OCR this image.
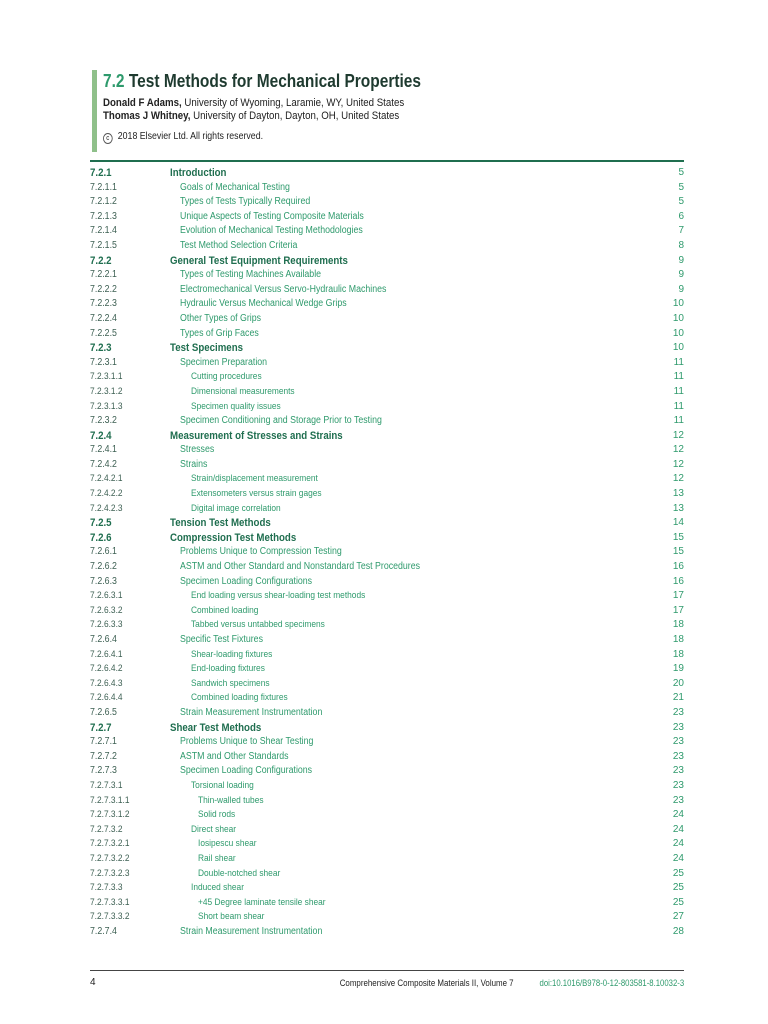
7.2 Test Methods for Mechanical Properties
Donald F Adams, University of Wyoming, Laramie, WY, United States
Thomas J Whitney, University of Dayton, Dayton, OH, United States
c 2018 Elsevier Ltd. All rights reserved.
7.2.1	Introduction	5
7.2.1.1	Goals of Mechanical Testing	5
7.2.1.2	Types of Tests Typically Required	5
7.2.1.3	Unique Aspects of Testing Composite Materials	6
7.2.1.4	Evolution of Mechanical Testing Methodologies	7
7.2.1.5	Test Method Selection Criteria	8
7.2.2	General Test Equipment Requirements	9
7.2.2.1	Types of Testing Machines Available	9
7.2.2.2	Electromechanical Versus Servo-Hydraulic Machines	9
7.2.2.3	Hydraulic Versus Mechanical Wedge Grips	10
7.2.2.4	Other Types of Grips	10
7.2.2.5	Types of Grip Faces	10
7.2.3	Test Specimens	10
7.2.3.1	Specimen Preparation	11
7.2.3.1.1	Cutting procedures	11
7.2.3.1.2	Dimensional measurements	11
7.2.3.1.3	Specimen quality issues	11
7.2.3.2	Specimen Conditioning and Storage Prior to Testing	11
7.2.4	Measurement of Stresses and Strains	12
7.2.4.1	Stresses	12
7.2.4.2	Strains	12
7.2.4.2.1	Strain/displacement measurement	12
7.2.4.2.2	Extensometers versus strain gages	13
7.2.4.2.3	Digital image correlation	13
7.2.5	Tension Test Methods	14
7.2.6	Compression Test Methods	15
7.2.6.1	Problems Unique to Compression Testing	15
7.2.6.2	ASTM and Other Standard and Nonstandard Test Procedures	16
7.2.6.3	Specimen Loading Configurations	16
7.2.6.3.1	End loading versus shear-loading test methods	17
7.2.6.3.2	Combined loading	17
7.2.6.3.3	Tabbed versus untabbed specimens	18
7.2.6.4	Specific Test Fixtures	18
7.2.6.4.1	Shear-loading fixtures	18
7.2.6.4.2	End-loading fixtures	19
7.2.6.4.3	Sandwich specimens	20
7.2.6.4.4	Combined loading fixtures	21
7.2.6.5	Strain Measurement Instrumentation	23
7.2.7	Shear Test Methods	23
7.2.7.1	Problems Unique to Shear Testing	23
7.2.7.2	ASTM and Other Standards	23
7.2.7.3	Specimen Loading Configurations	23
7.2.7.3.1	Torsional loading	23
7.2.7.3.1.1	Thin-walled tubes	23
7.2.7.3.1.2	Solid rods	24
7.2.7.3.2	Direct shear	24
7.2.7.3.2.1	Iosipescu shear	24
7.2.7.3.2.2	Rail shear	24
7.2.7.3.2.3	Double-notched shear	25
7.2.7.3.3	Induced shear	25
7.2.7.3.3.1	+45 Degree laminate tensile shear	25
7.2.7.3.3.2	Short beam shear	27
7.2.7.4	Strain Measurement Instrumentation	28
4	Comprehensive Composite Materials II, Volume 7	doi:10.1016/B978-0-12-803581-8.10032-3
